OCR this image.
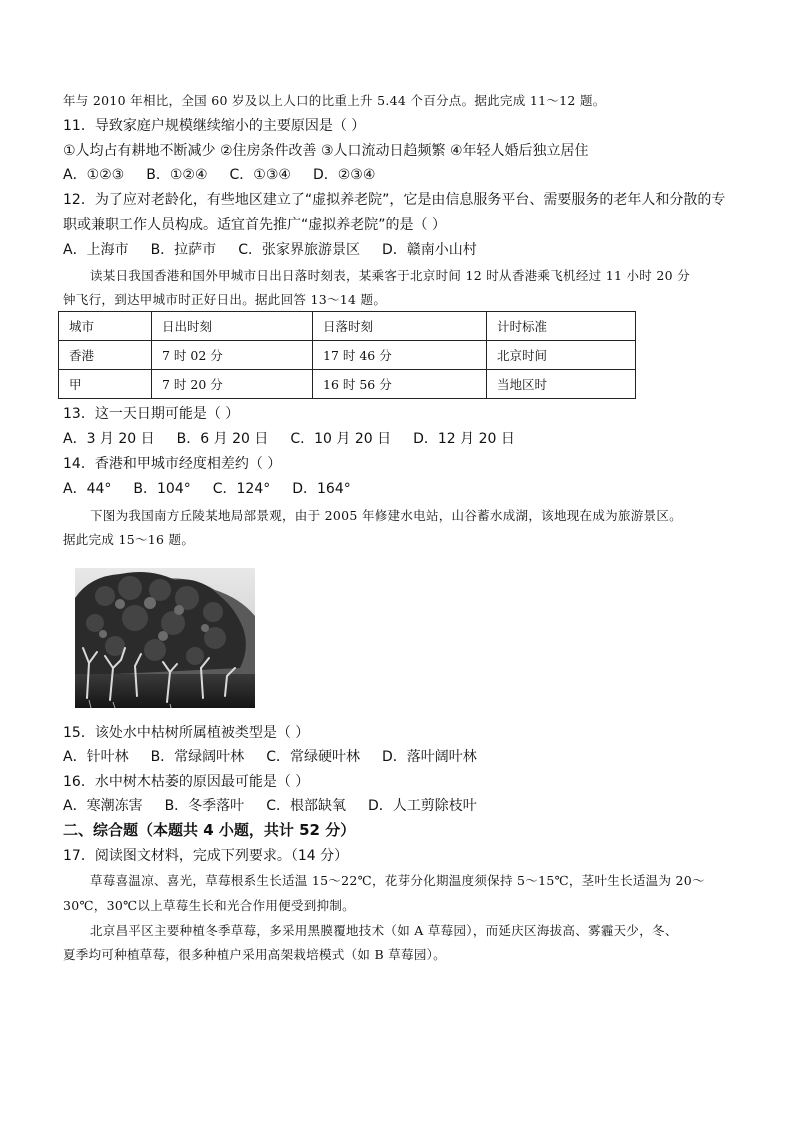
年与 2010 年相比，全国 60 岁及以上人口的比重上升 5.44 个百分点。据此完成 11～12 题。
11．导致家庭户规模继续缩小的主要原因是（ ）
①人均占有耕地不断减少 ②住房条件改善 ③人口流动日趋频繁 ④年轻人婚后独立居住
A．①②③ B．①②④ C．①③④ D．②③④
12．为了应对老龄化，有些地区建立了“虚拟养老院”，它是由信息服务平台、需要服务的老年人和分散的专
职或兼职工作人员构成。适宜首先推广“虚拟养老院”的是（ ）
A．上海市 B．拉萨市 C．张家界旅游景区 D．赣南小山村
读某日我国香港和国外甲城市日出日落时刻表，某乘客于北京时间 12 时从香港乘飞机经过 11 小时 20 分
钟飞行，到达甲城市时正好日出。据此回答 13～14 题。
城市	日出时刻	日落时刻	计时标准
香港	7 时 02 分	17 时 46 分	北京时间
甲	7 时 20 分	16 时 56 分	当地区时
13．这一天日期可能是（ ）
A．3 月 20 日 B．6 月 20 日 C．10 月 20 日 D．12 月 20 日
14．香港和甲城市经度相差约（ ）
A．44° B．104° C．124° D．164°
下图为我国南方丘陵某地局部景观，由于 2005 年修建水电站，山谷蓄水成湖，该地现在成为旅游景区。
据此完成 15～16 题。
15．该处水中枯树所属植被类型是（ ）
A．针叶林 B．常绿阔叶林 C．常绿硬叶林 D．落叶阔叶林
16．水中树木枯萎的原因最可能是（ ）
A．寒潮冻害 B．冬季落叶 C．根部缺氧 D．人工剪除枝叶
二、综合题（本题共 4 小题，共计 52 分）
17．阅读图文材料，完成下列要求。（14 分）
草莓喜温凉、喜光，草莓根系生长适温 15～22℃，花芽分化期温度须保持 5～15℃，茎叶生长适温为 20～
30℃，30℃以上草莓生长和光合作用便受到抑制。
北京昌平区主要种植冬季草莓，多采用黑膜覆地技术（如 A 草莓园），而延庆区海拔高、雾霾天少，冬、
夏季均可种植草莓，很多种植户采用高架栽培模式（如 B 草莓园）。
